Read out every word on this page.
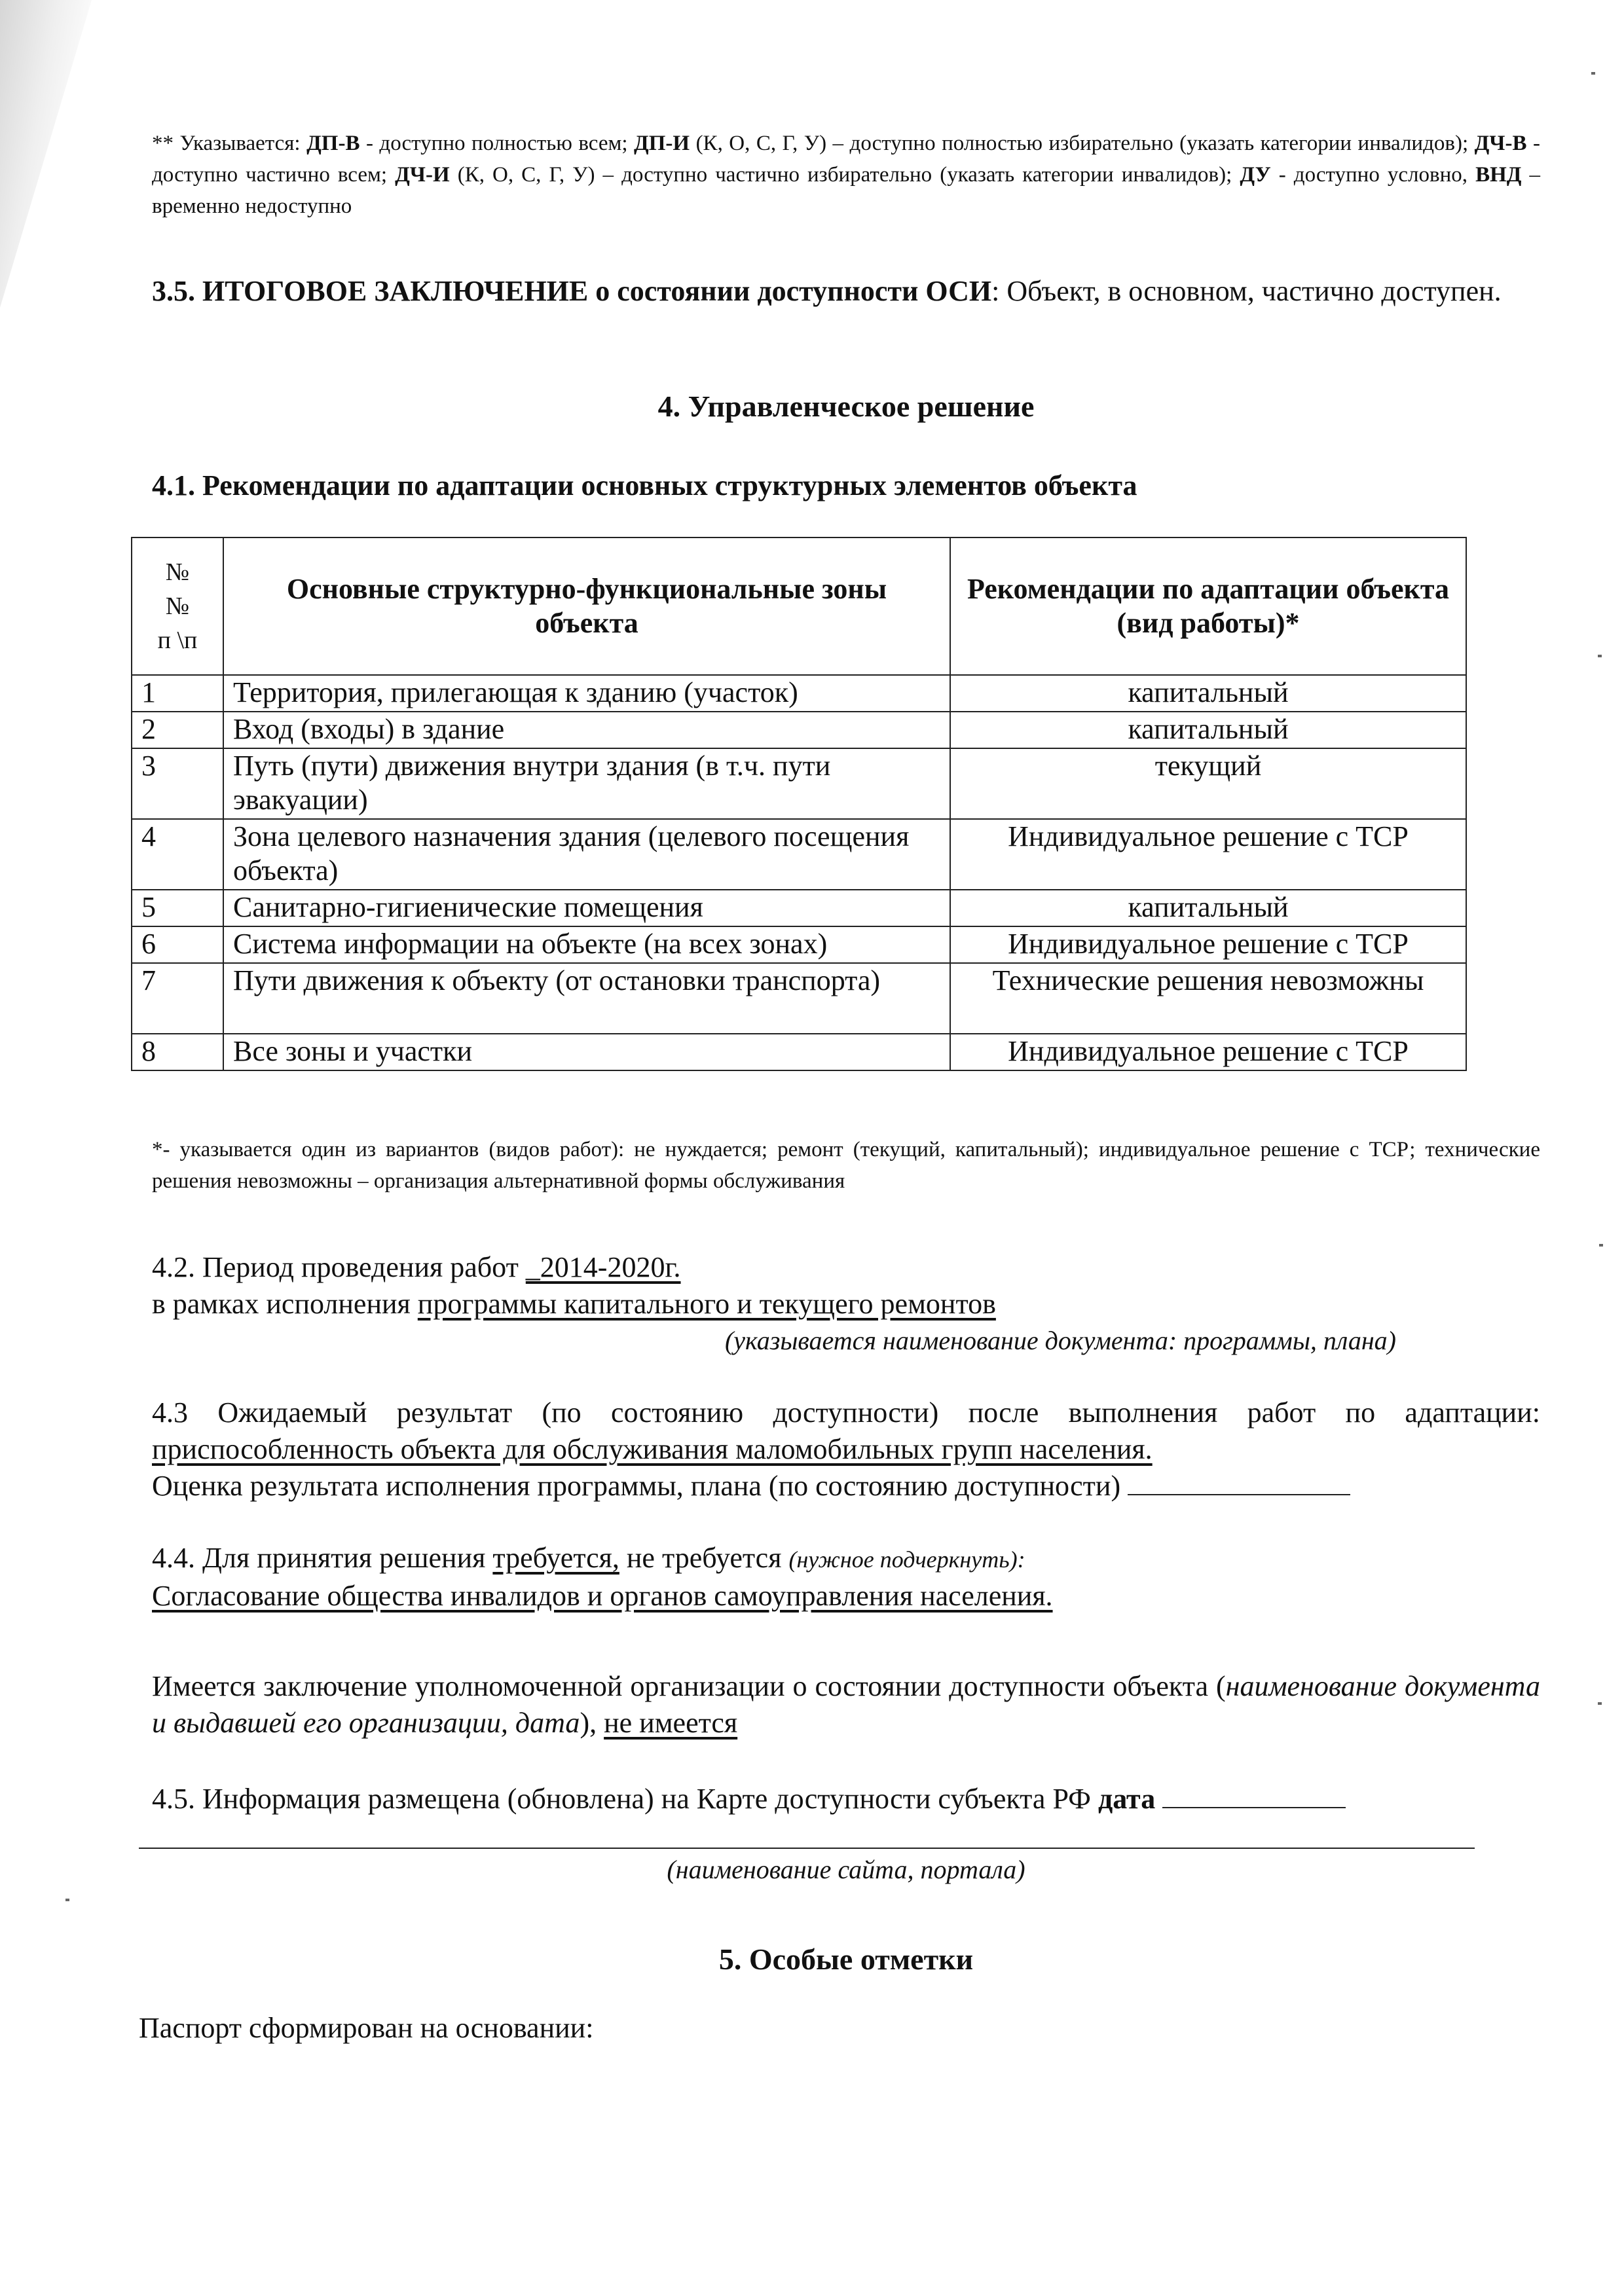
** Указывается: ДП-В - доступно полностью всем; ДП-И (К, О, С, Г, У) – доступно полностью избирательно (указать категории инвалидов); ДЧ-В - доступно частично всем; ДЧ-И (К, О, С, Г, У) – доступно частично избирательно (указать категории инвалидов); ДУ - доступно условно, ВНД – временно недоступно
3.5. ИТОГОВОЕ ЗАКЛЮЧЕНИЕ о состоянии доступности ОСИ: Объект, в основном, частично доступен.
4. Управленческое решение
4.1. Рекомендации по адаптации основных структурных элементов объекта
№
№
п \п	Основные структурно-функциональные зоны объекта	Рекомендации по адаптации объекта (вид работы)*
1	Территория, прилегающая к зданию (участок)	капитальный
2	Вход (входы) в здание	капитальный
3	Путь (пути) движения внутри здания (в т.ч. пути эвакуации)	текущий
4	Зона целевого назначения здания (целевого посещения объекта)	Индивидуальное решение с ТСР
5	Санитарно-гигиенические помещения	капитальный
6	Система информации на объекте (на всех зонах)	Индивидуальное решение с ТСР
7	Пути движения к объекту (от остановки транспорта)	Технические решения невозможны
8	Все зоны и участки	Индивидуальное решение с ТСР
*- указывается один из вариантов (видов работ): не нуждается; ремонт (текущий, капитальный); индивидуальное решение с ТСР; технические решения невозможны – организация альтернативной формы обслуживания
4.2. Период проведения работ _2014-2020г.
в рамках исполнения программы капитального и текущего ремонтов
(указывается наименование документа: программы, плана)
4.3 Ожидаемый результат (по состоянию доступности) после выполнения работ по адаптации:
приспособленность объекта для обслуживания маломобильных групп населения.
Оценка результата исполнения программы, плана (по состоянию доступности)
4.4. Для принятия решения требуется, не требуется (нужное подчеркнуть):
Согласование общества инвалидов и органов самоуправления населения.
Имеется заключение уполномоченной организации о состоянии доступности объекта (наименование документа и выдавшей его организации, дата), не имеется
4.5. Информация размещена (обновлена) на Карте доступности субъекта РФ дата
(наименование сайта, портала)
5. Особые отметки
Паспорт сформирован на основании:
